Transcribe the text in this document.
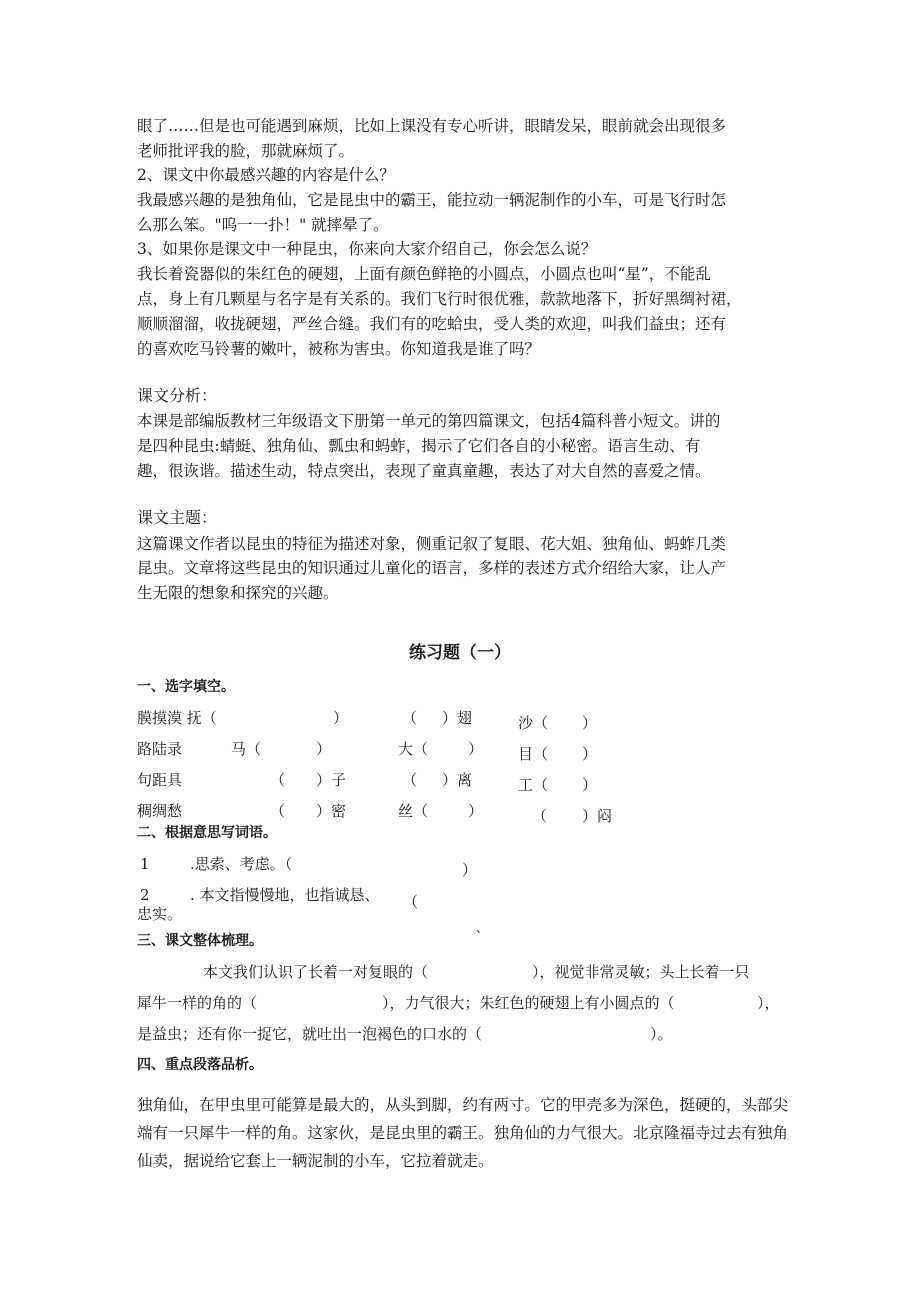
眼了……但是也可能遇到麻烦，比如上课没有专心听讲，眼睛发呆，眼前就会出现很多
老师批评我的脸，那就麻烦了。
2、课文中你最感兴趣的内容是什么？
我最感兴趣的是独角仙，它是昆虫中的霸王，能拉动一辆泥制作的小车，可是飞行时怎
么那么笨。"呜一一扑！" 就摔晕了。
3、如果你是课文中一种昆虫，你来向大家介绍自己，你会怎么说？
我长着瓷器似的朱红色的硬翅，上面有颜色鲜艳的小圆点，小圆点也叫“星”，不能乱
点，身上有几颗星与名字是有关系的。我们飞行时很优雅，款款地落下，折好黑绸衬裙，
顺顺溜溜，收拢硬翅，严丝合缝。我们有的吃蛤虫，受人类的欢迎，叫我们益虫；还有
的喜欢吃马铃薯的嫩叶，被称为害虫。你知道我是谁了吗？
课文分析：
本课是部编版教材三年级语文下册第一单元的第四篇课文，包括4篇科普小短文。讲的
是四种昆虫:蜻蜓、独角仙、瓢虫和蚂蚱，揭示了它们各自的小秘密。语言生动、有
趣，很诙谐。描述生动，特点突出，表现了童真童趣，表达了对大自然的喜爱之情。
课文主题：
这篇课文作者以昆虫的特征为描述对象，侧重记叙了复眼、花大姐、独角仙、蚂蚱几类
昆虫。文章将这些昆虫的知识通过儿童化的语言，多样的表述方式介绍给大家，让人产
生无限的想象和探究的兴趣。
练习题（一）
一、选字填空。
膜摸漠 抚（	）	（ ）翅	沙（ ）
路陆录	马（	）	大（	） 目（ ）
句距具	（ ）子	（ ）离	工（ ）
稠绸愁	（ ）密	丝（	）	（ ）闷
二、根据意思写词语。
1	.思索、考虑。（	）
2	. 本文指慢慢地，也指诚恳、 （
忠实。
、
三、课文整体梳理。
本文我们认识了长着一对复眼的（	），视觉非常灵敏；头上长着一只
犀牛一样的角的（	），力气很大；朱红色的硬翅上有小圆点的（	），
是益虫；还有你一捉它，就吐出一泡褐色的口水的（	）。
四、重点段落品析。
独角仙，在甲虫里可能算是最大的，从头到脚，约有两寸。它的甲壳多为深色，挺硬的，头部尖
端有一只犀牛一样的角。这家伙，是昆虫里的霸王。独角仙的力气很大。北京隆福寺过去有独角
仙卖，据说给它套上一辆泥制的小车，它拉着就走。
